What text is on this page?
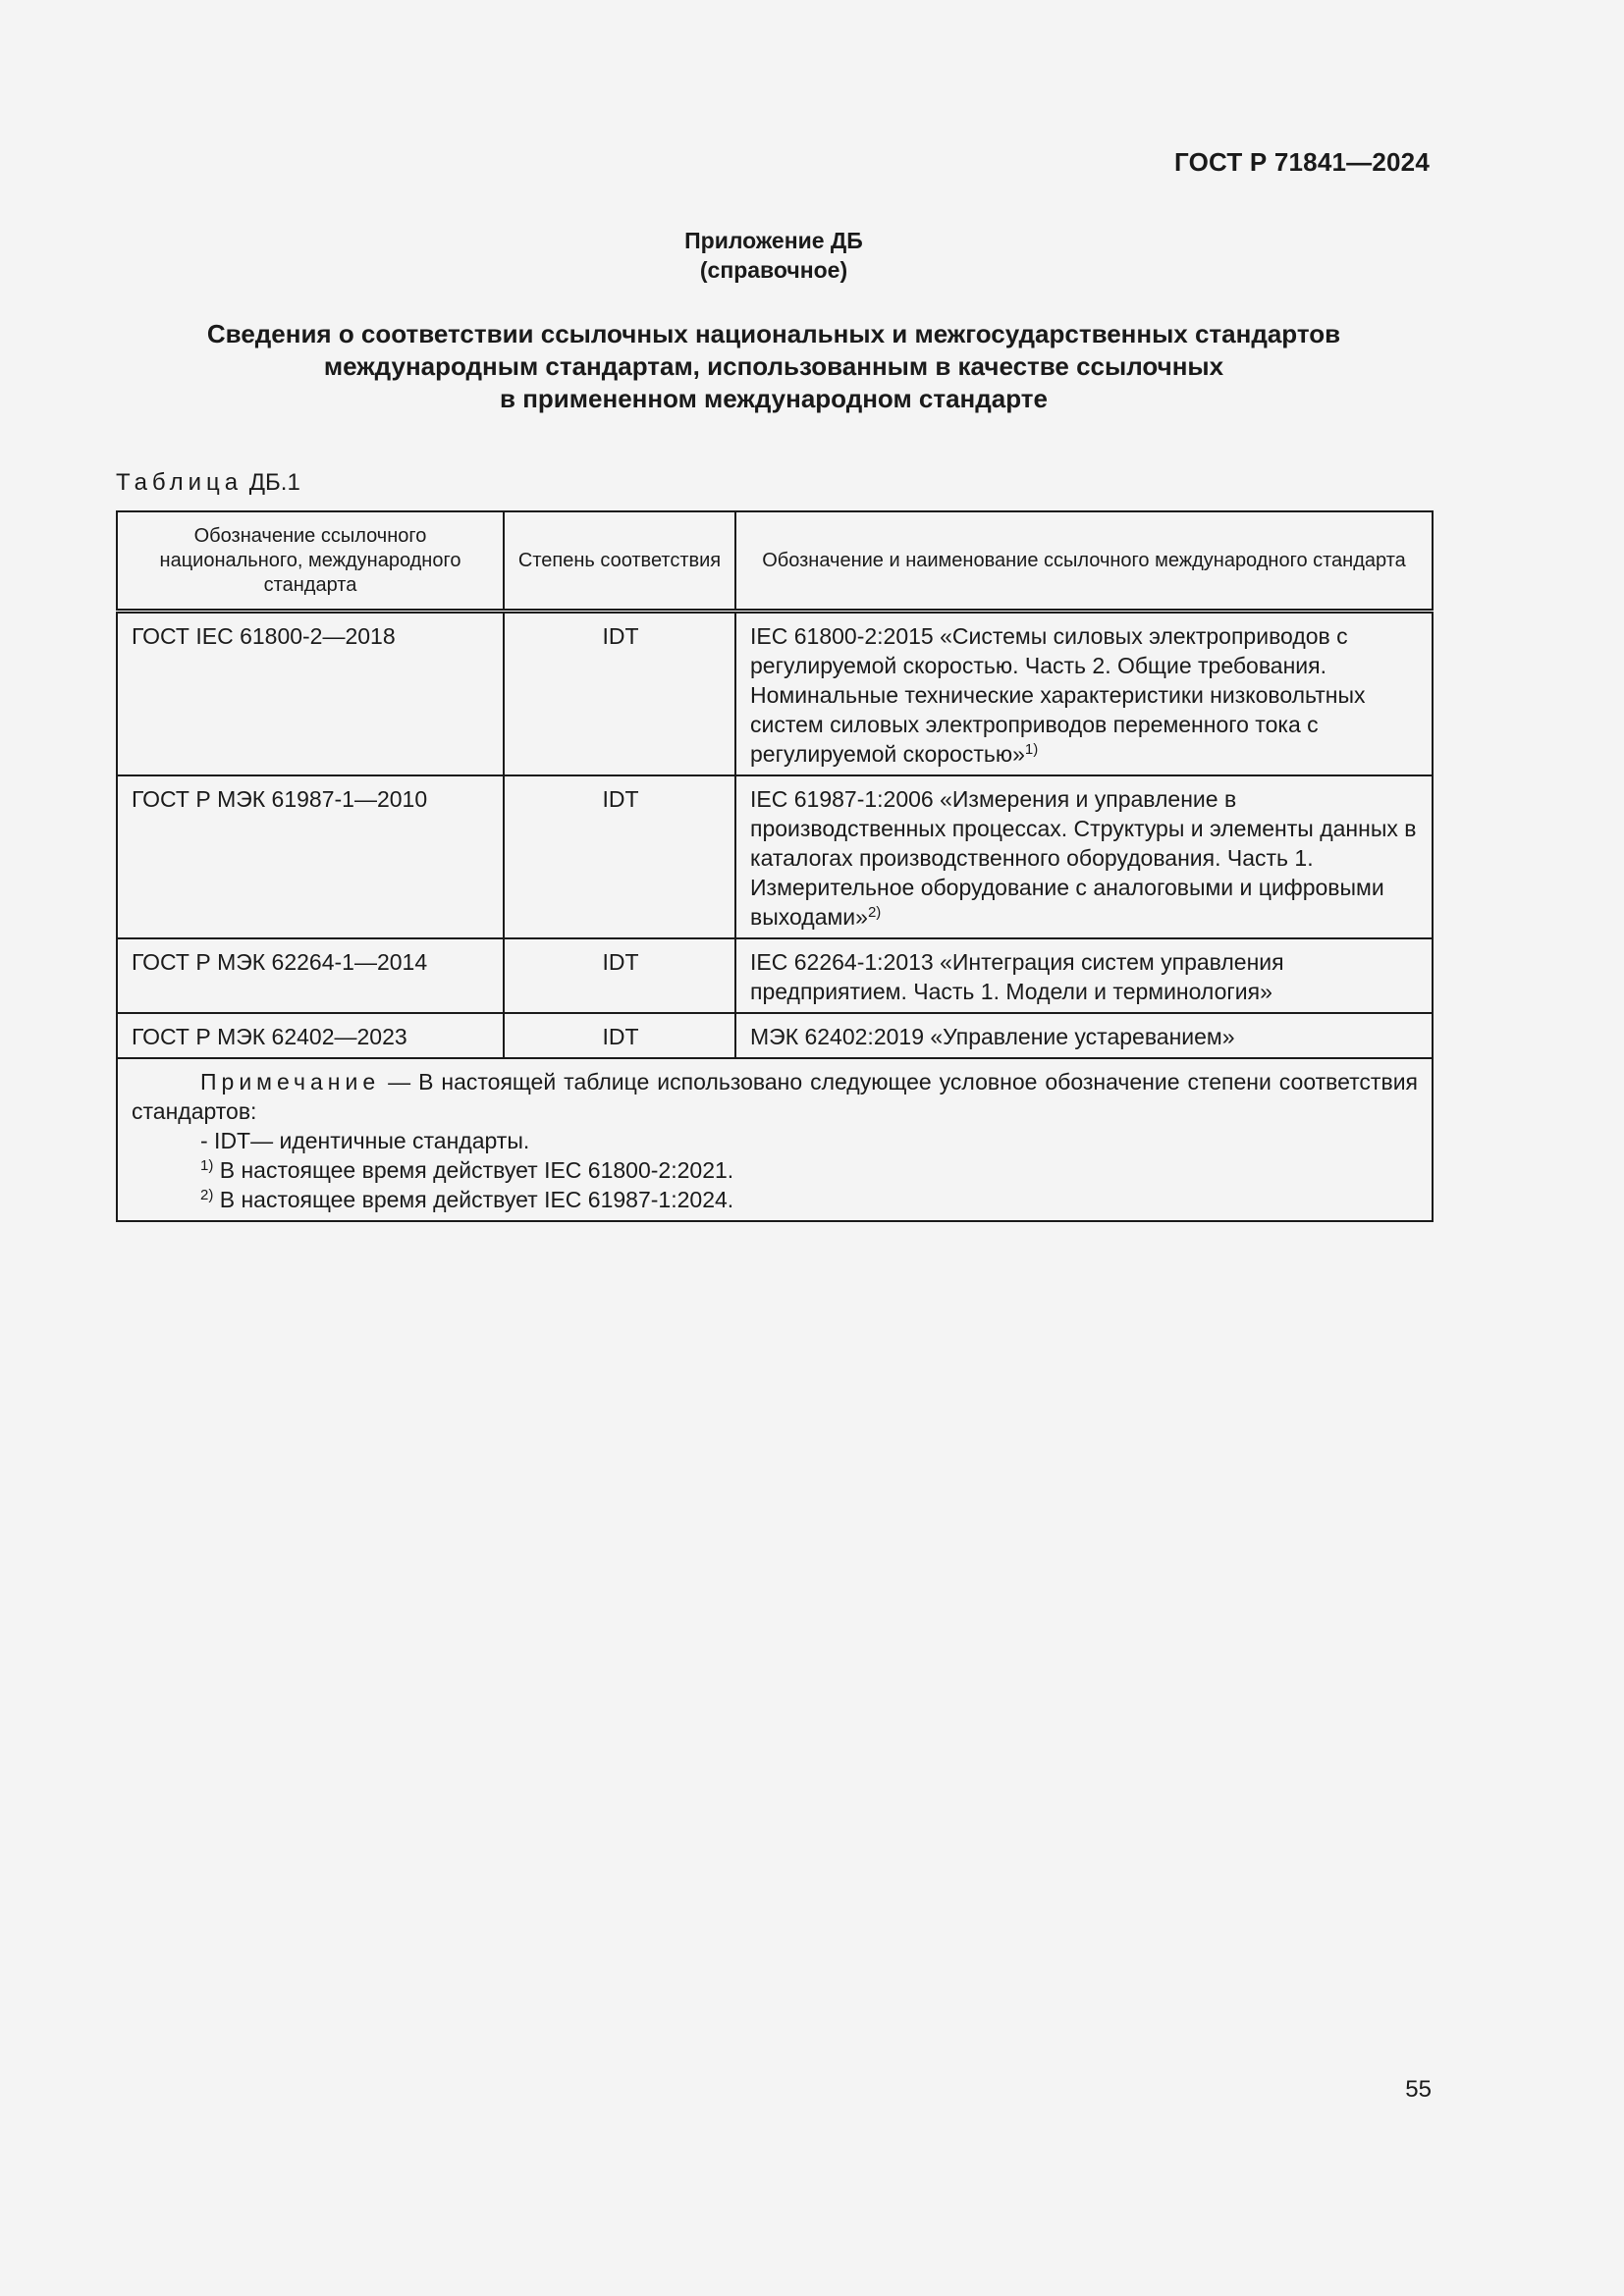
ГОСТ Р 71841—2024
Приложение ДБ
(справочное)
Сведения о соответствии ссылочных национальных и межгосударственных стандартов
международным стандартам, использованным в качестве ссылочных
в примененном международном стандарте
Таблица ДБ.1
Обозначение ссылочного национального, международного стандарта	Степень соответствия	Обозначение и наименование ссылочного международного стандарта
ГОСТ IEC 61800-2—2018	IDT	IEC 61800-2:2015 «Системы силовых электроприводов с регулируемой скоростью. Часть 2. Общие требования. Номинальные технические характеристики низковольтных систем силовых электроприводов переменного тока с регулируемой скоростью»$^{1)}$
ГОСТ Р МЭК 61987-1—2010	IDT	IEC 61987-1:2006 «Измерения и управление в производственных процессах. Структуры и элементы данных в каталогах производственного оборудования. Часть 1. Измерительное оборудование с аналоговыми и цифровыми выходами»$^{2)}$
ГОСТ Р МЭК 62264-1—2014	IDT	IEC 62264-1:2013 «Интеграция систем управления предприятием. Часть 1. Модели и терминология»
ГОСТ Р МЭК 62402—2023	IDT	МЭК 62402:2019 «Управление устареванием»

Примечание — В настоящей таблице использовано следующее условное обозначение степени соответствия стандартов:
- IDT— идентичные стандарты.
$^{1)}$ В настоящее время действует IEC 61800-2:2021.
$^{2)}$ В настоящее время действует IEC 61987-1:2024.		
55
